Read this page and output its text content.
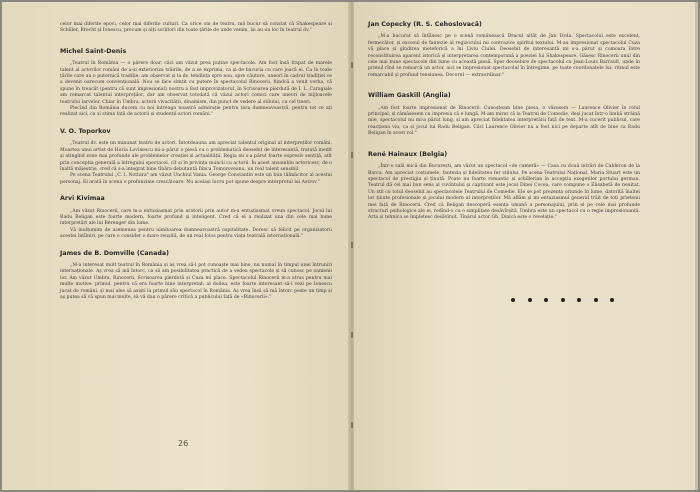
celor mai diferite epoci, celor mai diferite culturi. Ca orice om de teatru, mă bucur să constat că Shakespeare și Schiller, Brecht și Ionescu, precum și alți scriitori din toate țările de unde venim, își au un loc în teatrul dv."

Michel Saint-Denis

„Teatrul în România — o părere doar, căci am văzut prea puține spectacole. Am fost însă frapat de marele talent al actorilor români de a-și exterioriza trăirile, de a se exprima, ca și de bucuria cu care joacă ei. Ca în toate țările care au o puternică tradiție, am observat și la dv. tendința spre nou, spre căutare, uneori în cadrul tradiției ce a devenit oarecum convențională. Nou se face simțit cu putere în spectacolul Rinocerii, fiindcă a venit vorba, vă spune în treacăt (pentru că sunt impresionat) nostru a fost improvizatorul, în Scrisoarea pierdută de I. L. Caragiale am remarcat talentul interpreților, dar am observat totodată că văzui actori comici care uneori de mijloacele teatrului larvelor. Chiar în Umbra, actorii vivacității, dinamism, din punct de vedere al stilului, cu cel tineri.

Plecînd din România ducem cu noi întreaga noastră admirație pentru țara dumneavoastră, pentru tot ce ați realizat aici, ca și stima față de actorii și studenții-actori români."

V. O. Toporkov

„Teatrul dv. este un minunat teatru de actori. Întotdeauna am apreciat talentul original al interpreților români. Moartea unui artist de Horia Lovinescu mi-a părut o piesă cu o problematică deosebit de interesantă, tratată inedit și atingînd zone mai profunde ale problemelor creației și actualității. Regia mi s-a părut foarte expresiv sentiță, atît prin concepția generală a întregului spectacol, cît și în privința muncii cu actorii. În acest ansamblu actoricesc, de o înaltă măiestrie, cred că s-a integrat bine tînăra debutantă Ilinca Tomoroveanu, un real talent sensibil.

Pe scena Teatrului „C. I. Nottara" am văzut Unchiul Vania. George Constantin este un bun tălmăcitor al acestui personaj. El arată în scena o profunzime crescătoare. Nu același lucru pot spune despre interpretul lui Astrov."

Arvi Kivimaa

„Am văzut Rinocerii, care m-a entuziasmat prin aratorii prin autor m-a entuziasmat vreun spectacol. Jocul lui Radu Beligan este foarte modern, foarte profund și inteligent. Cred că el a realizat una din cele mai bune interpretări ale lui Bérenger din lume.

Vă mulțumim de asemenea pentru uimitoarea dumneavoastră ospitalitate. Doresc să felicit pe organizatorii acestei întîlniri, pe care o consider o mare reușită, de un real folos pentru viața teatrală internațională."

James de B. Domville (Canada)

„M-a interesat mult teatrul în România și aș vrea să-l pot cunoaște mai bine, nu numai în timpul unei întruniri internaționale. Aș vrea să mă întorc, ca să am posibilitatea practică de a vedea spectacole și să cunosc pe oamenii lor. Am văzut Umbra, Rinocerii, Scrisoarea pierdută și Cuza mi place. Spectacolul Rinocerii m-a atras pentru mai multe motive: primul, pentru că era foarte bine interpretat; al doilea, este foarte interesant să-l vezi pe Ionescu jucat de români, și mai ales să asiști la primul său spectacol în România. Aș vrea însă să mă întorc peste un timp și aș putea să vă spun mai multe, să vă dau o părere critică a publicului față de «Rinocerii»."

26
Jan Copecky (R. S. Cehoslovacă)

„M-a bucurat să întîlnesc pe o scenă românească Dracul altăt de Jan Drda. Spectacolul este excelent, fermecător, și excesul de fantezie al regizorului nu contrazice spiritul textului. M-au impresionat spectacolul Cuza vă place și gîndirea meteforică a lui Liviu Ciulei. Deosebit de interesantă mi s-a părut și comoara între reconstituirea aparent istorică și interpretarea contemporană a poeziei lui Shakespeare. Găsesc Rinocerii unul din cele mai bune spectacole din lume cu această piesă. Sper deosebire de spectacolul cu Jean-Louis Barrault, unde în primul rînd se remarcă un actor, aici se impresionat spectacolul în întregime, pe toate coordonatele lui: ritmul este remarcabil și profund tensiunea. Decorul — extraordinar."

William Gaskill (Anglia)

„Am fost foarte impresionat de Rinocerii. Cunoșteam bine piesa, o văzusem — Laurence Olivier în rolul principal, și rămăsesem cu impresia că e lungă. M-am mirat că la Teatrul de Comedie, deși jucat într-o limbă străină mie, spectacolul nu mi-a părut lung, și am apreciat fidelitatea interpretării față de text. M-a cucerit publicul, care reacționa viu, ca și jocul lui Radu Beligan. Căci Laurence Olivier nu a fost nici pe departe atît de bine ca Radu Beligan în acest rol."

René Hainaux (Belgia)

„Într-o sală mică din București, am văzut un spectacol «de cameră» — Casa cu două intrări de Calderon de la Barca. Am apreciat costumele, fantezia și fidelitatea fer stilului. Pe scena Teatrului Național, Maria Stuart este un spectacol de prestigiu și ținută. Poate nu foarte romantic și schillerian în accepția exegeților portului german. Teatrul dă cel mai bun sens al cuvîntului și captivant este jocul Dinei Cocea, care compune o Elisabetă de neuitat. Un stil cu totul deosebit au spectacolele Teatrului de Comedie. Ele se pot prezenta oriunde în lume, datorită înaltei lor ținute profesionale și jocului modern al interpreților. Mă aflăm și mi entuziasmul general trăit de toți prietenii mei față de Rinocerii. Cred că Beligan descoperă esența umană a personajului, prin el pe cele mai profunde structuri psihologice ale ei, redînd-o cu o simplitate desăvîrșită. Umbra este un spectacol cu o regie impresionantă. Arta și tehnica se împletesc desăvîrșit. Tînărul actor Gh. Dinică este o revelație."
